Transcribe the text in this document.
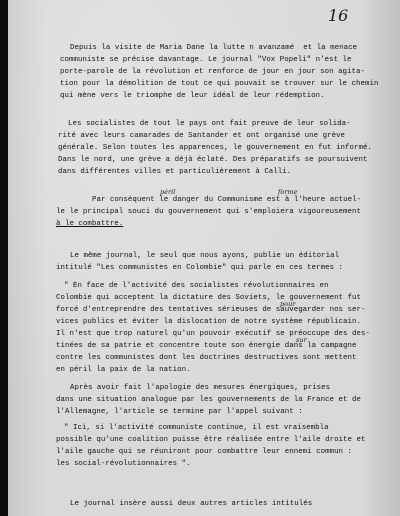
16
Depuis la visite de Maria Dane la lutte n avanzamé  et la menace
communiste se précise davantage. Le journal "Vox Popeli" n'est le
porte-parole de la révolution et renforce de jour en jour son agita-
tion pour la démolition de tout ce qui pouvait se trouver sur le chemin
qui mène vers le triomphe de leur idéal de leur rédemption.
Les socialistes de tout le pays ont fait preuve de leur solida-
rité avec leurs camarades de Santander et ont organisé une grève
générale. Selon toutes les apparences, le gouvernement en fut informé.
Dans le nord, une grève a déjà éclaté. Des préparatifs se poursuivent
dans différentes villes et particulièrement à Calli.
péril	forme
Par conséquent le danger du Communisme est à l'heure actuel-
le le principal souci du gouvernement qui s'emploiera vigoureusement
à le combattre.
Le même journal, le seul que nous ayons, publie un éditorial
intitulé "Les communistes en Colombie" qui parle en ces termes :
" En face de l'activité des socialistes révolutionnaires en
Colombie qui acceptent la dictature des Soviets, le gouvernement fut
pour
forcé d'entreprendre des tentatives sérieuses de sauvegarder nos ser-
vices publics et éviter la dislocation de notre système républicain.
Il n'est que trop naturel qu'un pouvoir exécutif se préoccupe des des-
sur
tinées de sa patrie et concentre toute son énergie dans la campagne
contre les communistes dont les doctrines destructives sont mettent
en péril la paix de la nation.
Après avoir fait l'apologie des mesures énergiques, prises
dans une situation analogue par les gouvernements de la France et de
l'Allemagne, l'article se termine par l'appel suivant :
" Ici, si l'activité communiste continue, il est vraisembla
possible qu'une coalition puisse être réalisée entre l'aile droite et
l'aile gauche qui se réuniront pour combattre leur ennemi commun :
les social-révolutionnaires ".
Le journal insère aussi deux autres articles intitulés
